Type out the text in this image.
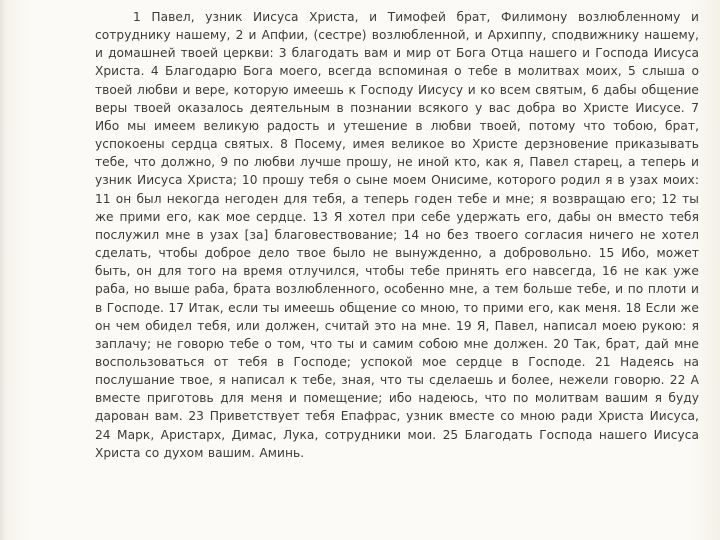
1 Павел, узник Иисуса Христа, и Тимофей брат, Филимону возлюбленному и сотруднику нашему, 2 и Апфии, (сестре) возлюбленной, и Архиппу, сподвижнику нашему, и домашней твоей церкви: 3 благодать вам и мир от Бога Отца нашего и Господа Иисуса Христа. 4 Благодарю Бога моего, всегда вспоминая о тебе в молитвах моих, 5 слыша о твоей любви и вере, которую имеешь к Господу Иисусу и ко всем святым, 6 дабы общение веры твоей оказалось деятельным в познании всякого у вас добра во Христе Иисусе. 7 Ибо мы имеем великую радость и утешение в любви твоей, потому что тобою, брат, успокоены сердца святых. 8 Посему, имея великое во Христе дерзновение приказывать тебе, что должно, 9 по любви лучше прошу, не иной кто, как я, Павел старец, а теперь и узник Иисуса Христа; 10 прошу тебя о сыне моем Онисиме, которого родил я в узах моих: 11 он был некогда негоден для тебя, а теперь годен тебе и мне; я возвращаю его; 12 ты же прими его, как мое сердце. 13 Я хотел при себе удержать его, дабы он вместо тебя послужил мне в узах [за] благовествование; 14 но без твоего согласия ничего не хотел сделать, чтобы доброе дело твое было не вынужденно, а добровольно. 15 Ибо, может быть, он для того на время отлучился, чтобы тебе принять его навсегда, 16 не как уже раба, но выше раба, брата возлюбленного, особенно мне, а тем больше тебе, и по плоти и в Господе. 17 Итак, если ты имеешь общение со мною, то прими его, как меня. 18 Если же он чем обидел тебя, или должен, считай это на мне. 19 Я, Павел, написал моею рукою: я заплачу; не говорю тебе о том, что ты и самим собою мне должен. 20 Так, брат, дай мне воспользоваться от тебя в Господе; успокой мое сердце в Господе. 21 Надеясь на послушание твое, я написал к тебе, зная, что ты сделаешь и более, нежели говорю. 22 А вместе приготовь для меня и помещение; ибо надеюсь, что по молитвам вашим я буду дарован вам. 23 Приветствует тебя Епафрас, узник вместе со мною ради Христа Иисуса, 24 Марк, Аристарх, Димас, Лука, сотрудники мои. 25 Благодать Господа нашего Иисуса Христа со духом вашим. Аминь.
